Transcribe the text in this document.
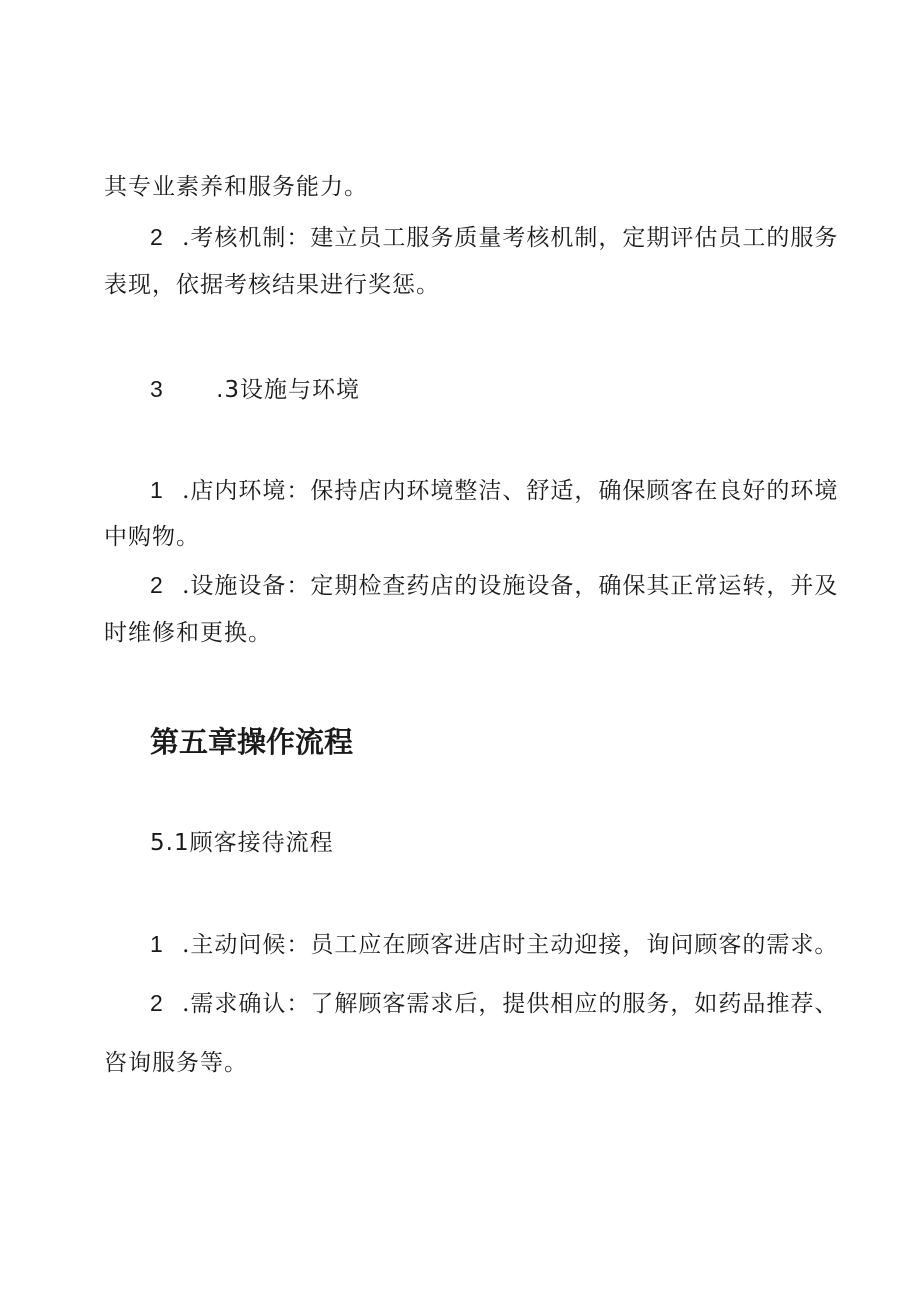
其专业素养和服务能力。
2 .考核机制：建立员工服务质量考核机制，定期评估员工的服务
表现，依据考核结果进行奖惩。
3 .3设施与环境
1 .店内环境：保持店内环境整洁、舒适，确保顾客在良好的环境
中购物。
2 .设施设备：定期检查药店的设施设备，确保其正常运转，并及
时维修和更换。
第五章操作流程
5.1顾客接待流程
1 .主动问候：员工应在顾客进店时主动迎接，询问顾客的需求。
2 .需求确认：了解顾客需求后，提供相应的服务，如药品推荐、
咨询服务等。
